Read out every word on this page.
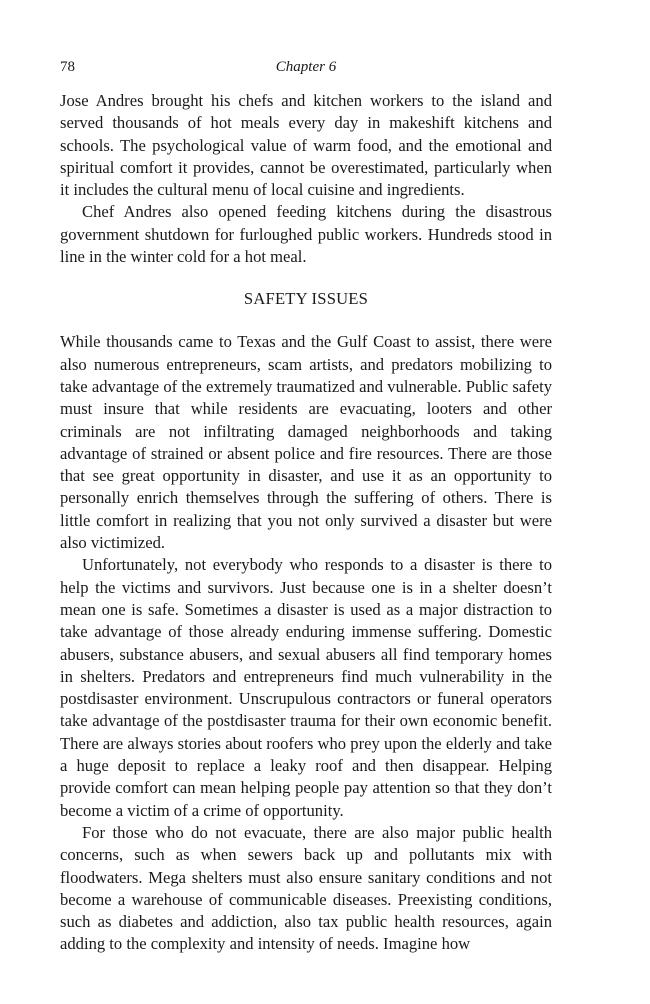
78	Chapter 6

Jose Andres brought his chefs and kitchen workers to the island and served thousands of hot meals every day in makeshift kitchens and schools. The psychological value of warm food, and the emotional and spiritual comfort it provides, cannot be overestimated, particularly when it includes the cultural menu of local cuisine and ingredients.

Chef Andres also opened feeding kitchens during the disastrous government shutdown for furloughed public workers. Hundreds stood in line in the winter cold for a hot meal.

SAFETY ISSUES

While thousands came to Texas and the Gulf Coast to assist, there were also numerous entrepreneurs, scam artists, and predators mobilizing to take advantage of the extremely traumatized and vulnerable. Public safety must insure that while residents are evacuating, looters and other criminals are not infiltrating damaged neighborhoods and taking advantage of strained or absent police and fire resources. There are those that see great opportunity in disaster, and use it as an opportunity to personally enrich themselves through the suffering of others. There is little comfort in realizing that you not only survived a disaster but were also victimized.

Unfortunately, not everybody who responds to a disaster is there to help the victims and survivors. Just because one is in a shelter doesn’t mean one is safe. Sometimes a disaster is used as a major distraction to take advantage of those already enduring immense suffering. Domestic abusers, substance abusers, and sexual abusers all find temporary homes in shelters. Predators and entrepreneurs find much vulnerability in the postdisaster environment. Unscrupulous contractors or funeral operators take advantage of the postdisaster trauma for their own economic benefit. There are always stories about roofers who prey upon the elderly and take a huge deposit to replace a leaky roof and then disappear. Helping provide comfort can mean helping people pay attention so that they don’t become a victim of a crime of opportunity.

For those who do not evacuate, there are also major public health concerns, such as when sewers back up and pollutants mix with floodwaters. Mega shelters must also ensure sanitary conditions and not become a warehouse of communicable diseases. Preexisting conditions, such as diabetes and addiction, also tax public health resources, again adding to the complexity and intensity of needs. Imagine how
